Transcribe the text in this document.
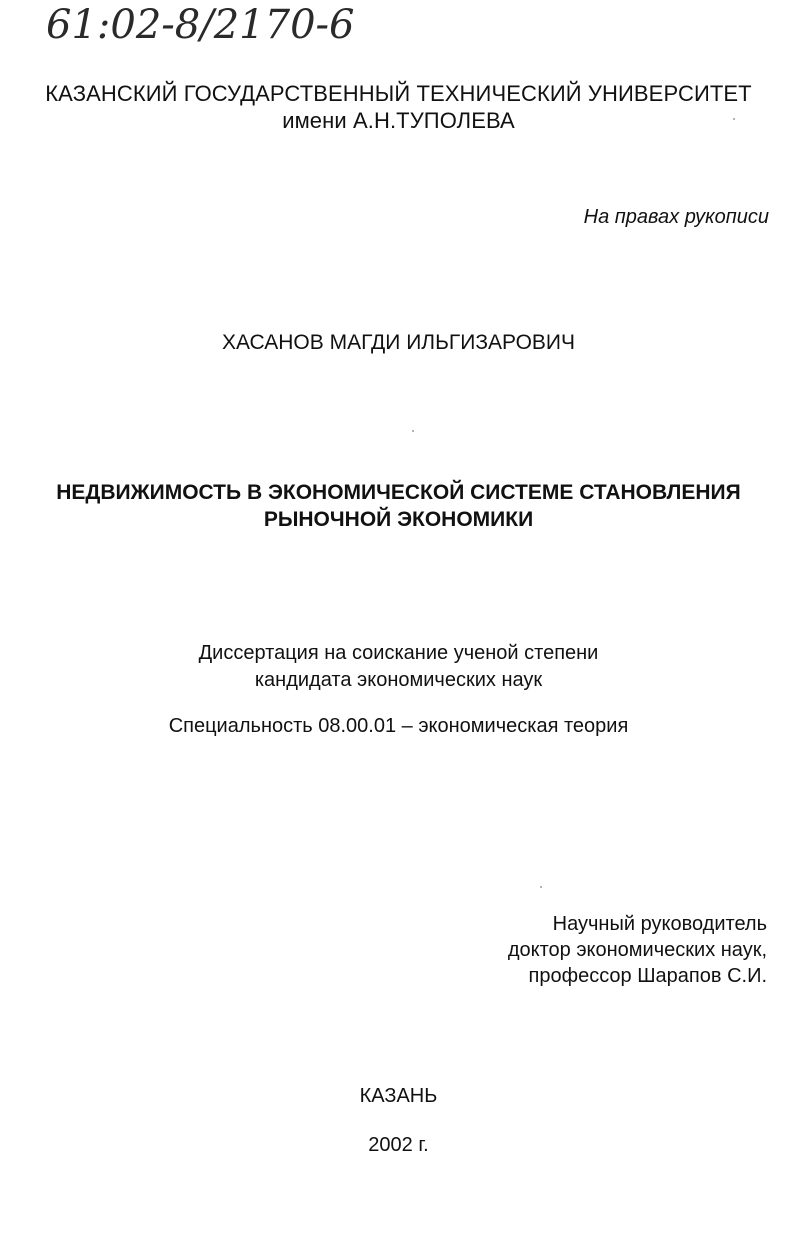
61:02-8/2170-6
КАЗАНСКИЙ ГОСУДАРСТВЕННЫЙ ТЕХНИЧЕСКИЙ УНИВЕРСИТЕТ
имени А.Н.ТУПОЛЕВА
На правах рукописи
ХАСАНОВ МАГДИ ИЛЬГИЗАРОВИЧ
НЕДВИЖИМОСТЬ В ЭКОНОМИЧЕСКОЙ СИСТЕМЕ СТАНОВЛЕНИЯ
РЫНОЧНОЙ ЭКОНОМИКИ
Диссертация на соискание ученой степени
кандидата экономических наук
Специальность 08.00.01 – экономическая теория
Научный руководитель
доктор экономических наук,
профессор Шарапов С.И.
КАЗАНЬ
2002 г.
